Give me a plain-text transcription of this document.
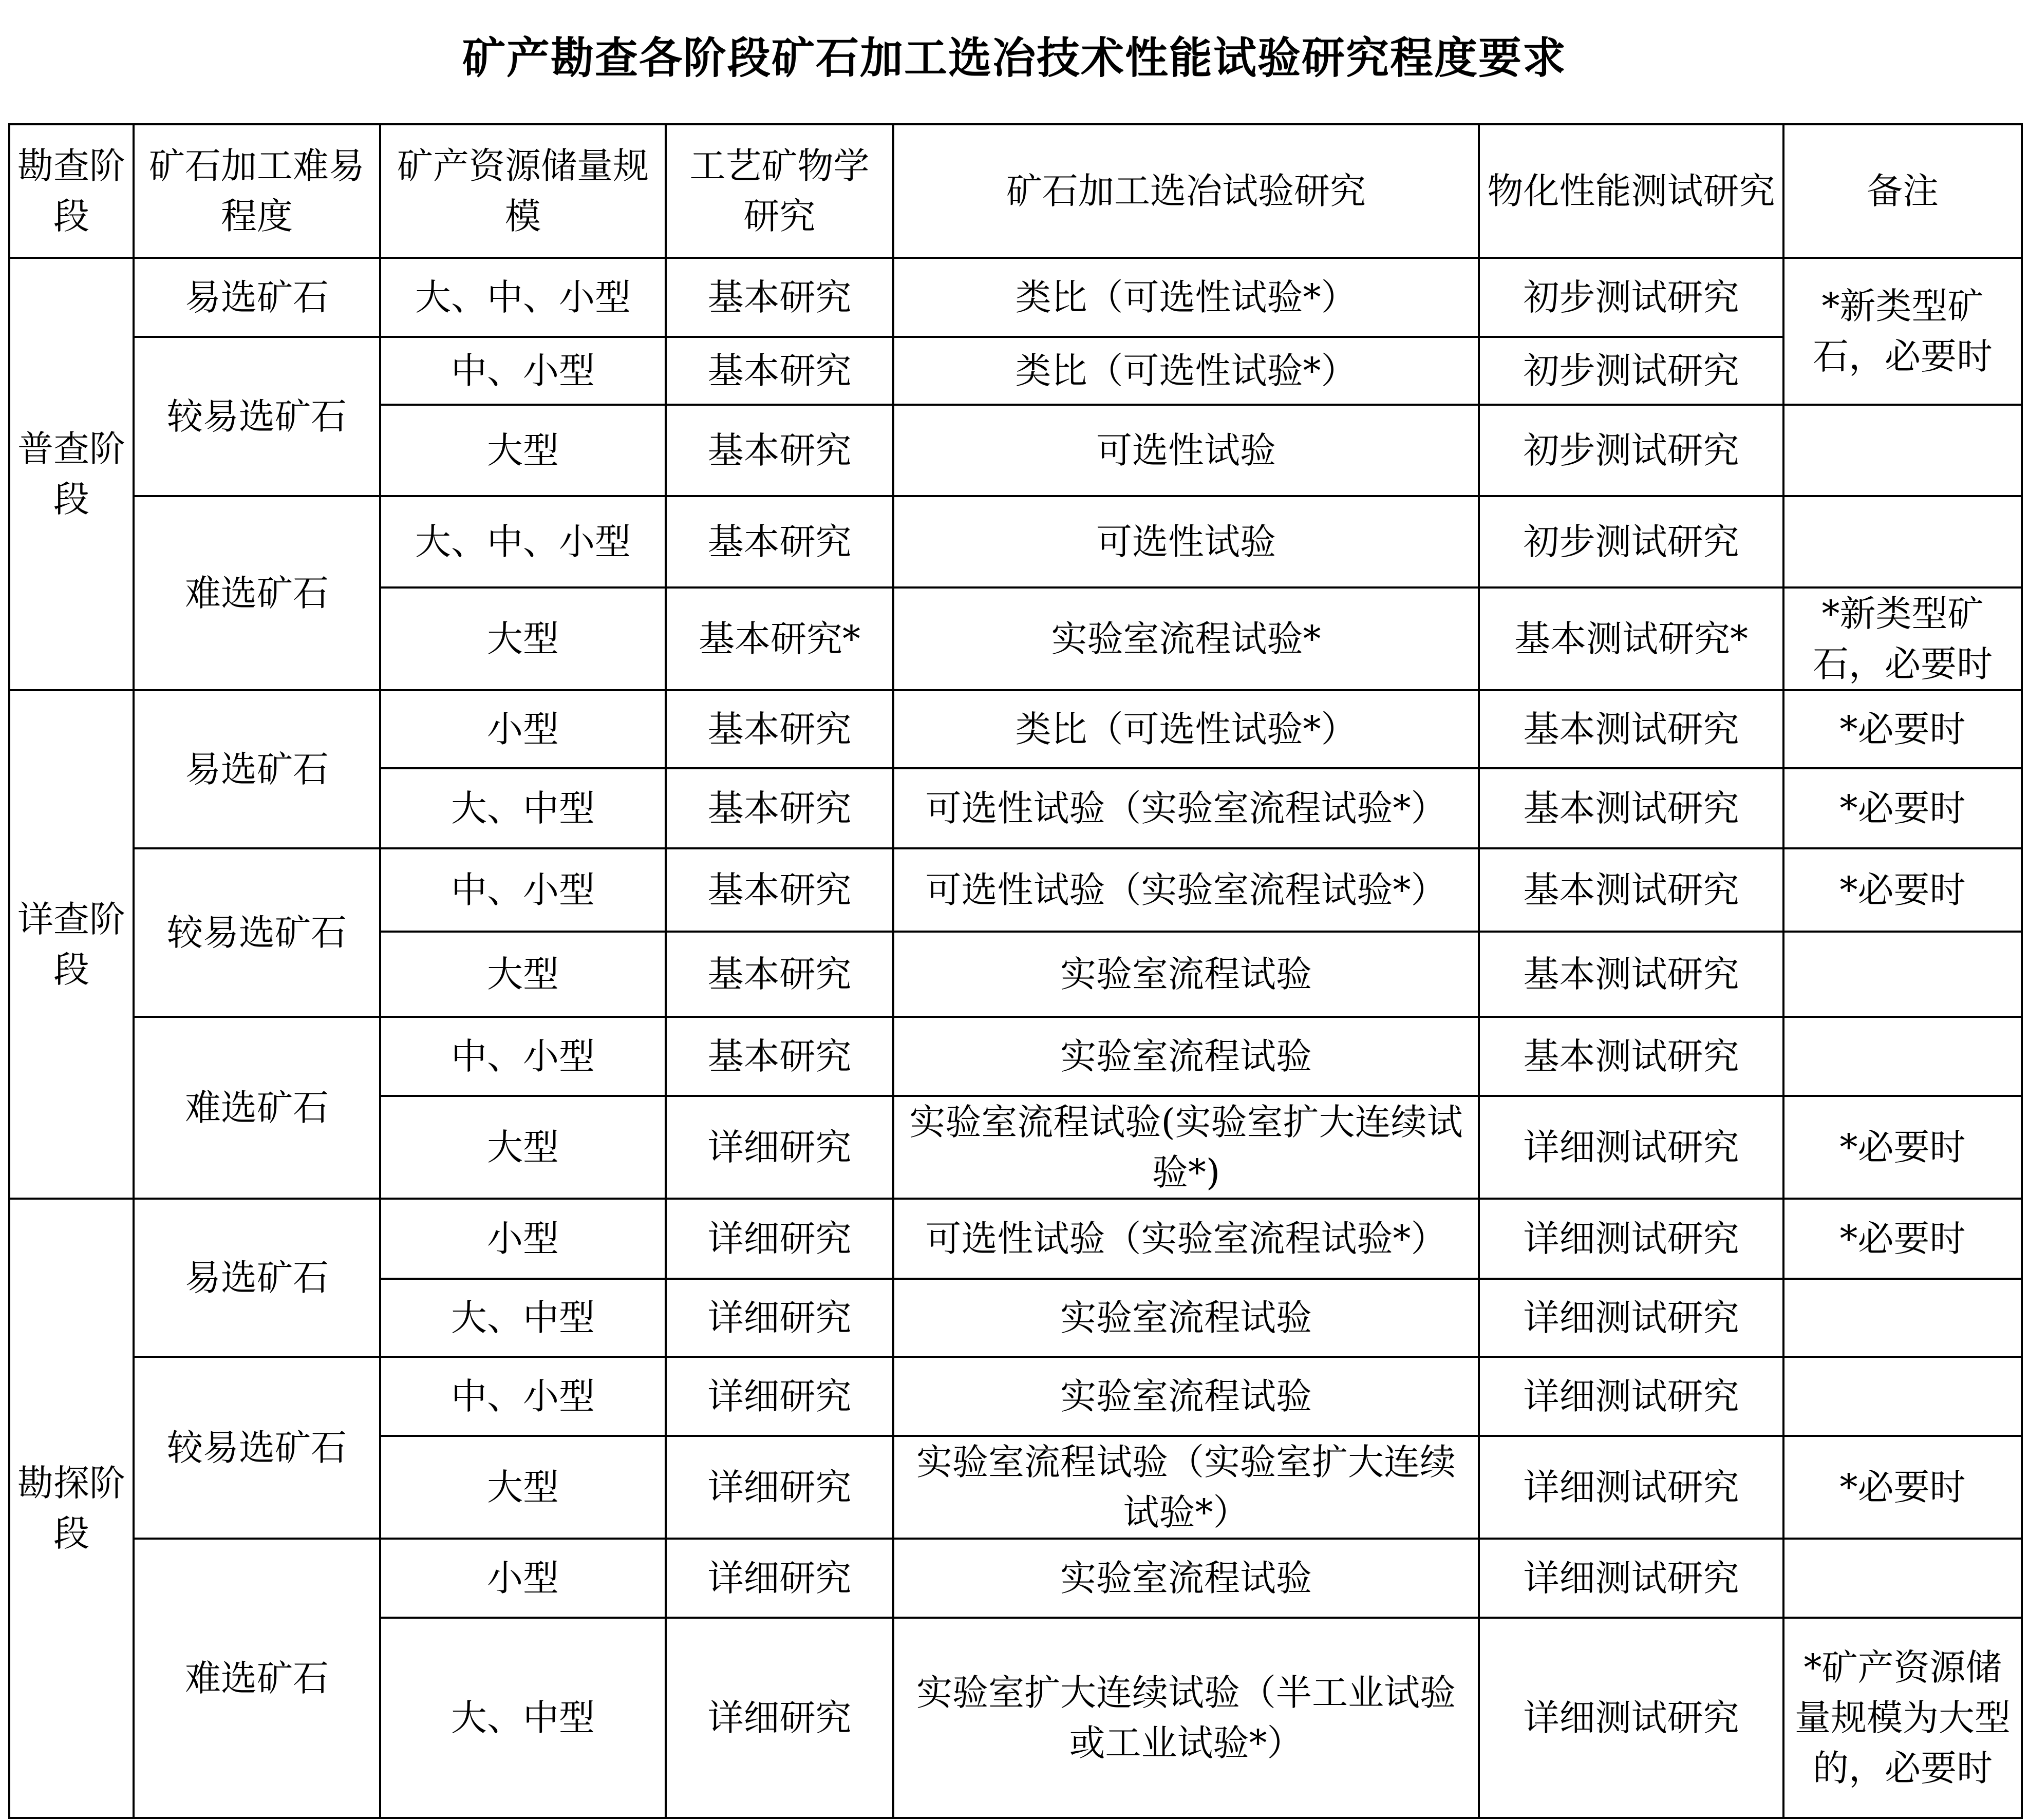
矿产勘查各阶段矿石加工选冶技术性能试验研究程度要求
勘查阶段	矿石加工难易程度	矿产资源储量规模	工艺矿物学研究	矿石加工选冶试验研究	物化性能测试研究	备注
普查阶段	易选矿石	大、中、小型	基本研究	类比（可选性试验*）	初步测试研究	*新类型矿石，必要时
	较易选矿石	中、小型	基本研究	类比（可选性试验*）	初步测试研究	
		大型	基本研究	可选性试验	初步测试研究	
	难选矿石	大、中、小型	基本研究	可选性试验	初步测试研究	
		大型	基本研究*	实验室流程试验*	基本测试研究*	*新类型矿石，必要时
详查阶段	易选矿石	小型	基本研究	类比（可选性试验*）	基本测试研究	*必要时
		大、中型	基本研究	可选性试验（实验室流程试验*）	基本测试研究	*必要时
	较易选矿石	中、小型	基本研究	可选性试验（实验室流程试验*）	基本测试研究	*必要时
		大型	基本研究	实验室流程试验	基本测试研究	
	难选矿石	中、小型	基本研究	实验室流程试验	基本测试研究	
		大型	详细研究	实验室流程试验(实验室扩大连续试验*)	详细测试研究	*必要时
勘探阶段	易选矿石	小型	详细研究	可选性试验（实验室流程试验*）	详细测试研究	*必要时
		大、中型	详细研究	实验室流程试验	详细测试研究	
	较易选矿石	中、小型	详细研究	实验室流程试验	详细测试研究	
		大型	详细研究	实验室流程试验（实验室扩大连续试验*）	详细测试研究	*必要时
	难选矿石	小型	详细研究	实验室流程试验	详细测试研究	
		大、中型	详细研究	实验室扩大连续试验（半工业试验或工业试验*）	详细测试研究	*矿产资源储量规模为大型的，必要时
